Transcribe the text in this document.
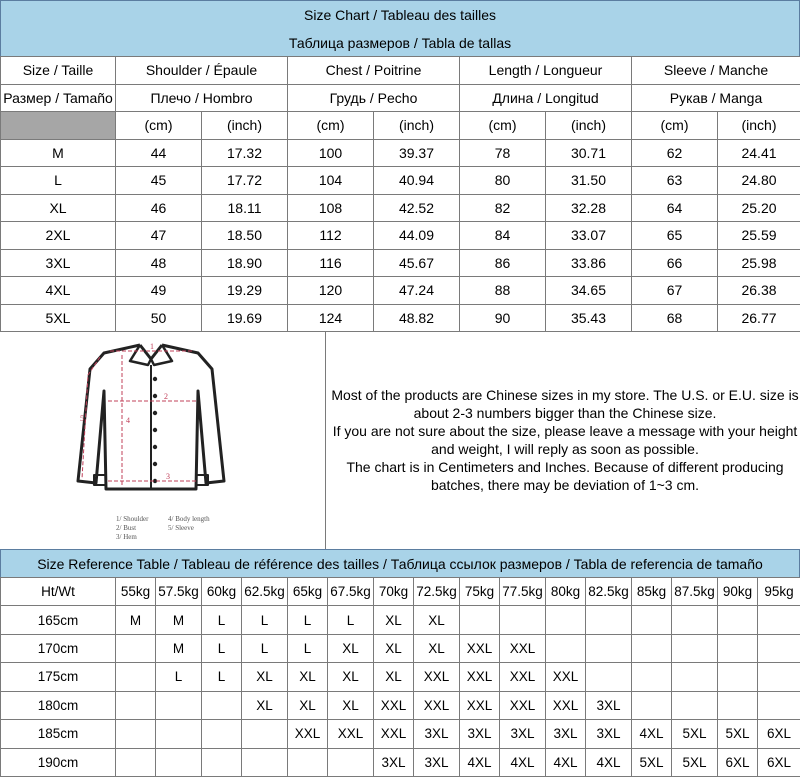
Size Chart / Tableau des tailles
Таблица размеров / Tabla de tallas
Size / Taille	Shoulder / Épaule		Chest / Poitrine		Length / Longueur		Sleeve / Manche	
Размер / Tamaño	Плечо / Hombro		Грудь / Pecho		Длина / Longitud		Рукав / Manga	
	(cm)	(inch)	(cm)	(inch)	(cm)	(inch)	(cm)	(inch)
M	44	17.32	100	39.37	78	30.71	62	24.41
L	45	17.72	104	40.94	80	31.50	63	24.80
XL	46	18.11	108	42.52	82	32.28	64	25.20
2XL	47	18.50	112	44.09	84	33.07	65	25.59
3XL	48	18.90	116	45.67	86	33.86	66	25.98
4XL	49	19.29	120	47.24	88	34.65	67	26.38
5XL	50	19.69	124	48.82	90	35.43	68	26.77
1
2
3
4
5
1/ Shoulder
2/ Bust
3/ Hem
4/ Body length
5/ Sleeve
Most of the products are Chinese sizes in my store. The U.S. or E.U. size is
about 2-3 numbers bigger than the Chinese size.
If you are not sure about the size, please leave a message with your height
and weight, I will reply as soon as possible.
The chart is in Centimeters and Inches. Because of different producing
batches, there may be deviation of 1~3 cm.
Size Reference Table / Tableau de référence des tailles / Таблица ссылок размеров / Tabla de referencia de tamaño
Ht/Wt	55kg	57.5kg	60kg	62.5kg	65kg	67.5kg	70kg	72.5kg	75kg	77.5kg	80kg	82.5kg	85kg	87.5kg	90kg	95kg
165cm	M	M	L	L	L	L	XL	XL								
170cm		M	L	L	L	XL	XL	XL	XXL	XXL						
175cm		L	L	XL	XL	XL	XL	XXL	XXL	XXL	XXL					
180cm				XL	XL	XL	XXL	XXL	XXL	XXL	XXL	3XL				
185cm					XXL	XXL	XXL	3XL	3XL	3XL	3XL	3XL	4XL	5XL	5XL	6XL
190cm							3XL	3XL	4XL	4XL	4XL	4XL	5XL	5XL	6XL	6XL
